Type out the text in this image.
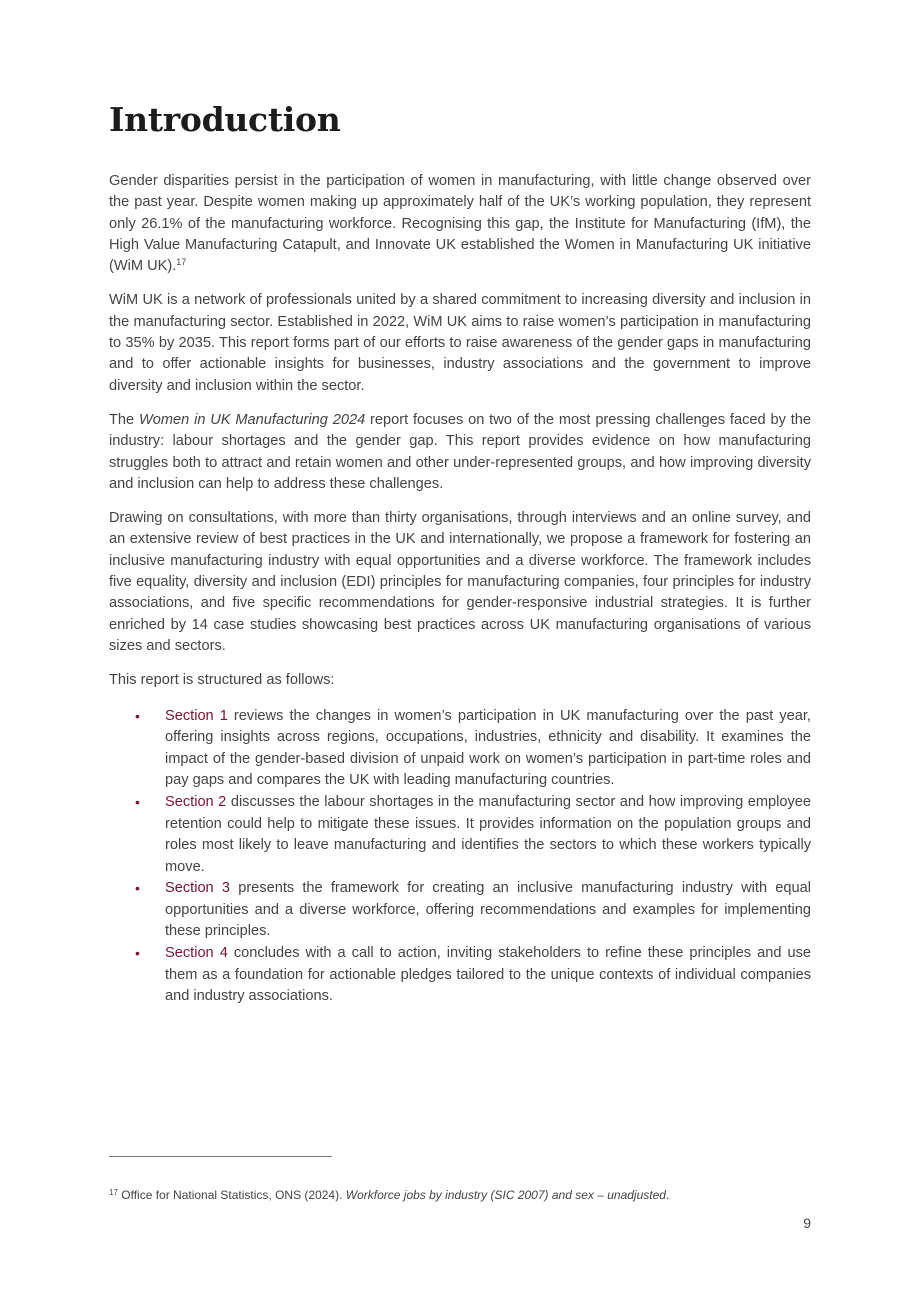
Introduction

Gender disparities persist in the participation of women in manufacturing, with little change observed over the past year. Despite women making up approximately half of the UK’s working population, they represent only 26.1% of the manufacturing workforce. Recognising this gap, the Institute for Manufacturing (IfM), the High Value Manufacturing Catapult, and Innovate UK established the Women in Manufacturing UK initiative (WiM UK).$^{17}$

WiM UK is a network of professionals united by a shared commitment to increasing diversity and inclusion in the manufacturing sector. Established in 2022, WiM UK aims to raise women’s participation in manufacturing to 35% by 2035. This report forms part of our efforts to raise awareness of the gender gaps in manufacturing and to offer actionable insights for businesses, industry associations and the government to improve diversity and inclusion within the sector.

The Women in UK Manufacturing 2024 report focuses on two of the most pressing challenges faced by the industry: labour shortages and the gender gap. This report provides evidence on how manufacturing struggles both to attract and retain women and other under-represented groups, and how improving diversity and inclusion can help to address these challenges.

Drawing on consultations, with more than thirty organisations, through interviews and an online survey, and an extensive review of best practices in the UK and internationally, we propose a framework for fostering an inclusive manufacturing industry with equal opportunities and a diverse workforce. The framework includes five equality, diversity and inclusion (EDI) principles for manufacturing companies, four principles for industry associations, and five specific recommendations for gender-responsive industrial strategies. It is further enriched by 14 case studies showcasing best practices across UK manufacturing organisations of various sizes and sectors.

This report is structured as follows:

• Section 1 reviews the changes in women’s participation in UK manufacturing over the past year, offering insights across regions, occupations, industries, ethnicity and disability. It examines the impact of the gender-based division of unpaid work on women’s participation in part-time roles and pay gaps and compares the UK with leading manufacturing countries.
• Section 2 discusses the labour shortages in the manufacturing sector and how improving employee retention could help to mitigate these issues. It provides information on the population groups and roles most likely to leave manufacturing and identifies the sectors to which these workers typically move.
• Section 3 presents the framework for creating an inclusive manufacturing industry with equal opportunities and a diverse workforce, offering recommendations and examples for implementing these principles.
• Section 4 concludes with a call to action, inviting stakeholders to refine these principles and use them as a foundation for actionable pledges tailored to the unique contexts of individual companies and industry associations.
$^{17}$ Office for National Statistics, ONS (2024). Workforce jobs by industry (SIC 2007) and sex – unadjusted.
9
